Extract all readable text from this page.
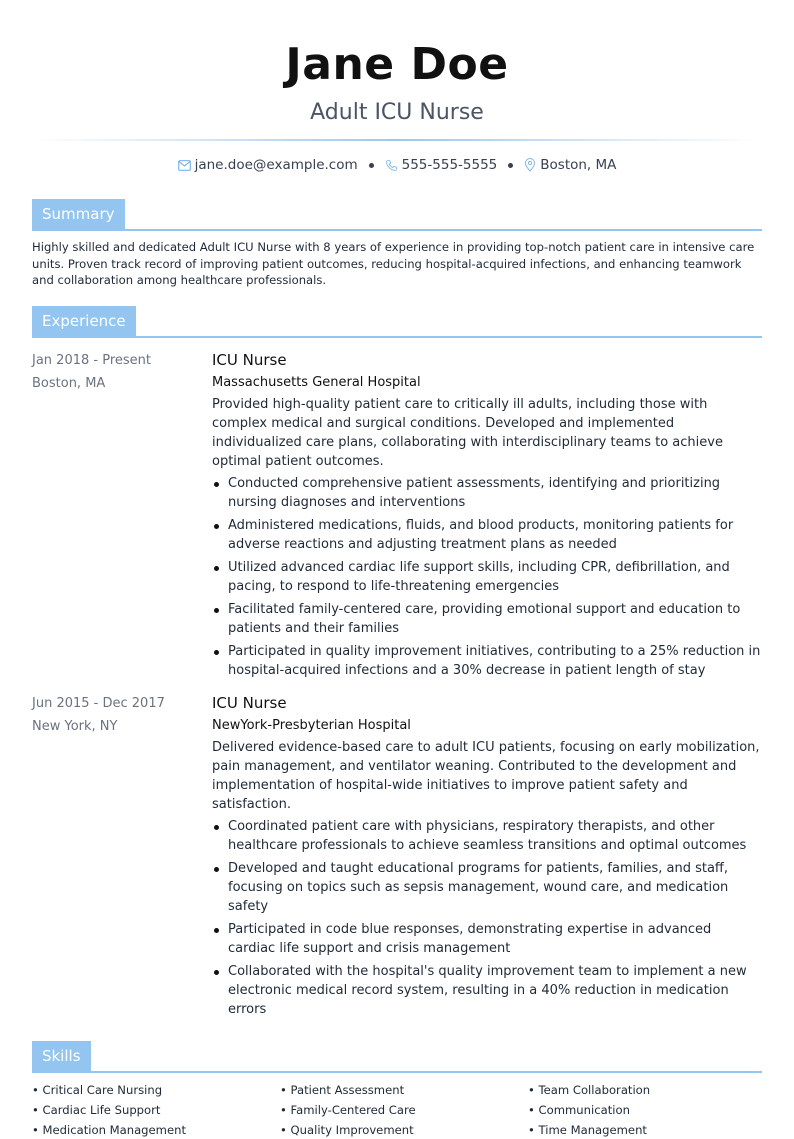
Jane Doe
Adult ICU Nurse
jane.doe@example.com	555-555-5555	Boston, MA
Summary
Highly skilled and dedicated Adult ICU Nurse with 8 years of experience in providing top-notch patient care in intensive care units. Proven track record of improving patient outcomes, reducing hospital-acquired infections, and enhancing teamwork and collaboration among healthcare professionals.
Experience
Jan 2018 - Present
Boston, MA
ICU Nurse
Massachusetts General Hospital
Provided high-quality patient care to critically ill adults, including those with complex medical and surgical conditions. Developed and implemented individualized care plans, collaborating with interdisciplinary teams to achieve optimal patient outcomes.
Conducted comprehensive patient assessments, identifying and prioritizing nursing diagnoses and interventions
Administered medications, fluids, and blood products, monitoring patients for adverse reactions and adjusting treatment plans as needed
Utilized advanced cardiac life support skills, including CPR, defibrillation, and pacing, to respond to life-threatening emergencies
Facilitated family-centered care, providing emotional support and education to patients and their families
Participated in quality improvement initiatives, contributing to a 25% reduction in hospital-acquired infections and a 30% decrease in patient length of stay
Jun 2015 - Dec 2017
New York, NY
ICU Nurse
NewYork-Presbyterian Hospital
Delivered evidence-based care to adult ICU patients, focusing on early mobilization, pain management, and ventilator weaning. Contributed to the development and implementation of hospital-wide initiatives to improve patient safety and satisfaction.
Coordinated patient care with physicians, respiratory therapists, and other healthcare professionals to achieve seamless transitions and optimal outcomes
Developed and taught educational programs for patients, families, and staff, focusing on topics such as sepsis management, wound care, and medication safety
Participated in code blue responses, demonstrating expertise in advanced cardiac life support and crisis management
Collaborated with the hospital's quality improvement team to implement a new electronic medical record system, resulting in a 40% reduction in medication errors
Skills
• Critical Care Nursing	• Patient Assessment	• Team Collaboration
• Cardiac Life Support	• Family-Centered Care	• Communication
• Medication Management	• Quality Improvement	• Time Management
